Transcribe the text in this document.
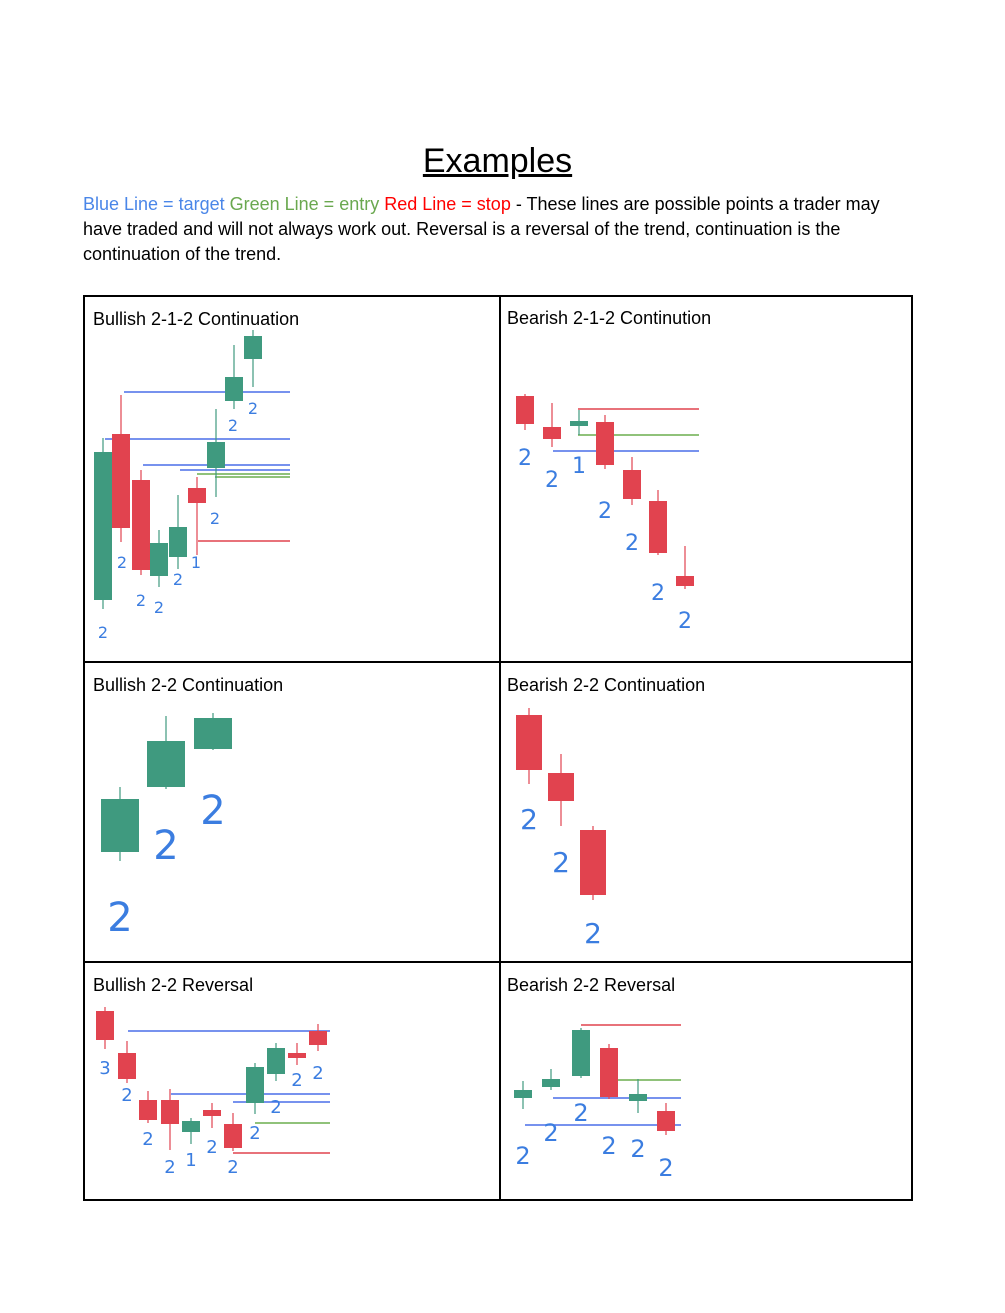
Examples
Blue Line = target Green Line = entry Red Line = stop - These lines are possible points a trader may have traded and will not always work out. Reversal is a reversal of the trend, continuation is the continuation of the trend.
Bullish 2-1-2 Continuation	Bearish 2-1-2 Continution
Bullish 2-2 Continuation	Bearish 2-2 Continuation
Bullish 2-2 Reversal	Bearish 2-2 Reversal
2
2
2 2
2
1
2
2
2
2
2
1
2
2
2
2
2
2
2	2
2
2
3
2
2
2 1
2
2
2
2
2 2
2
2
2
2 2
2
